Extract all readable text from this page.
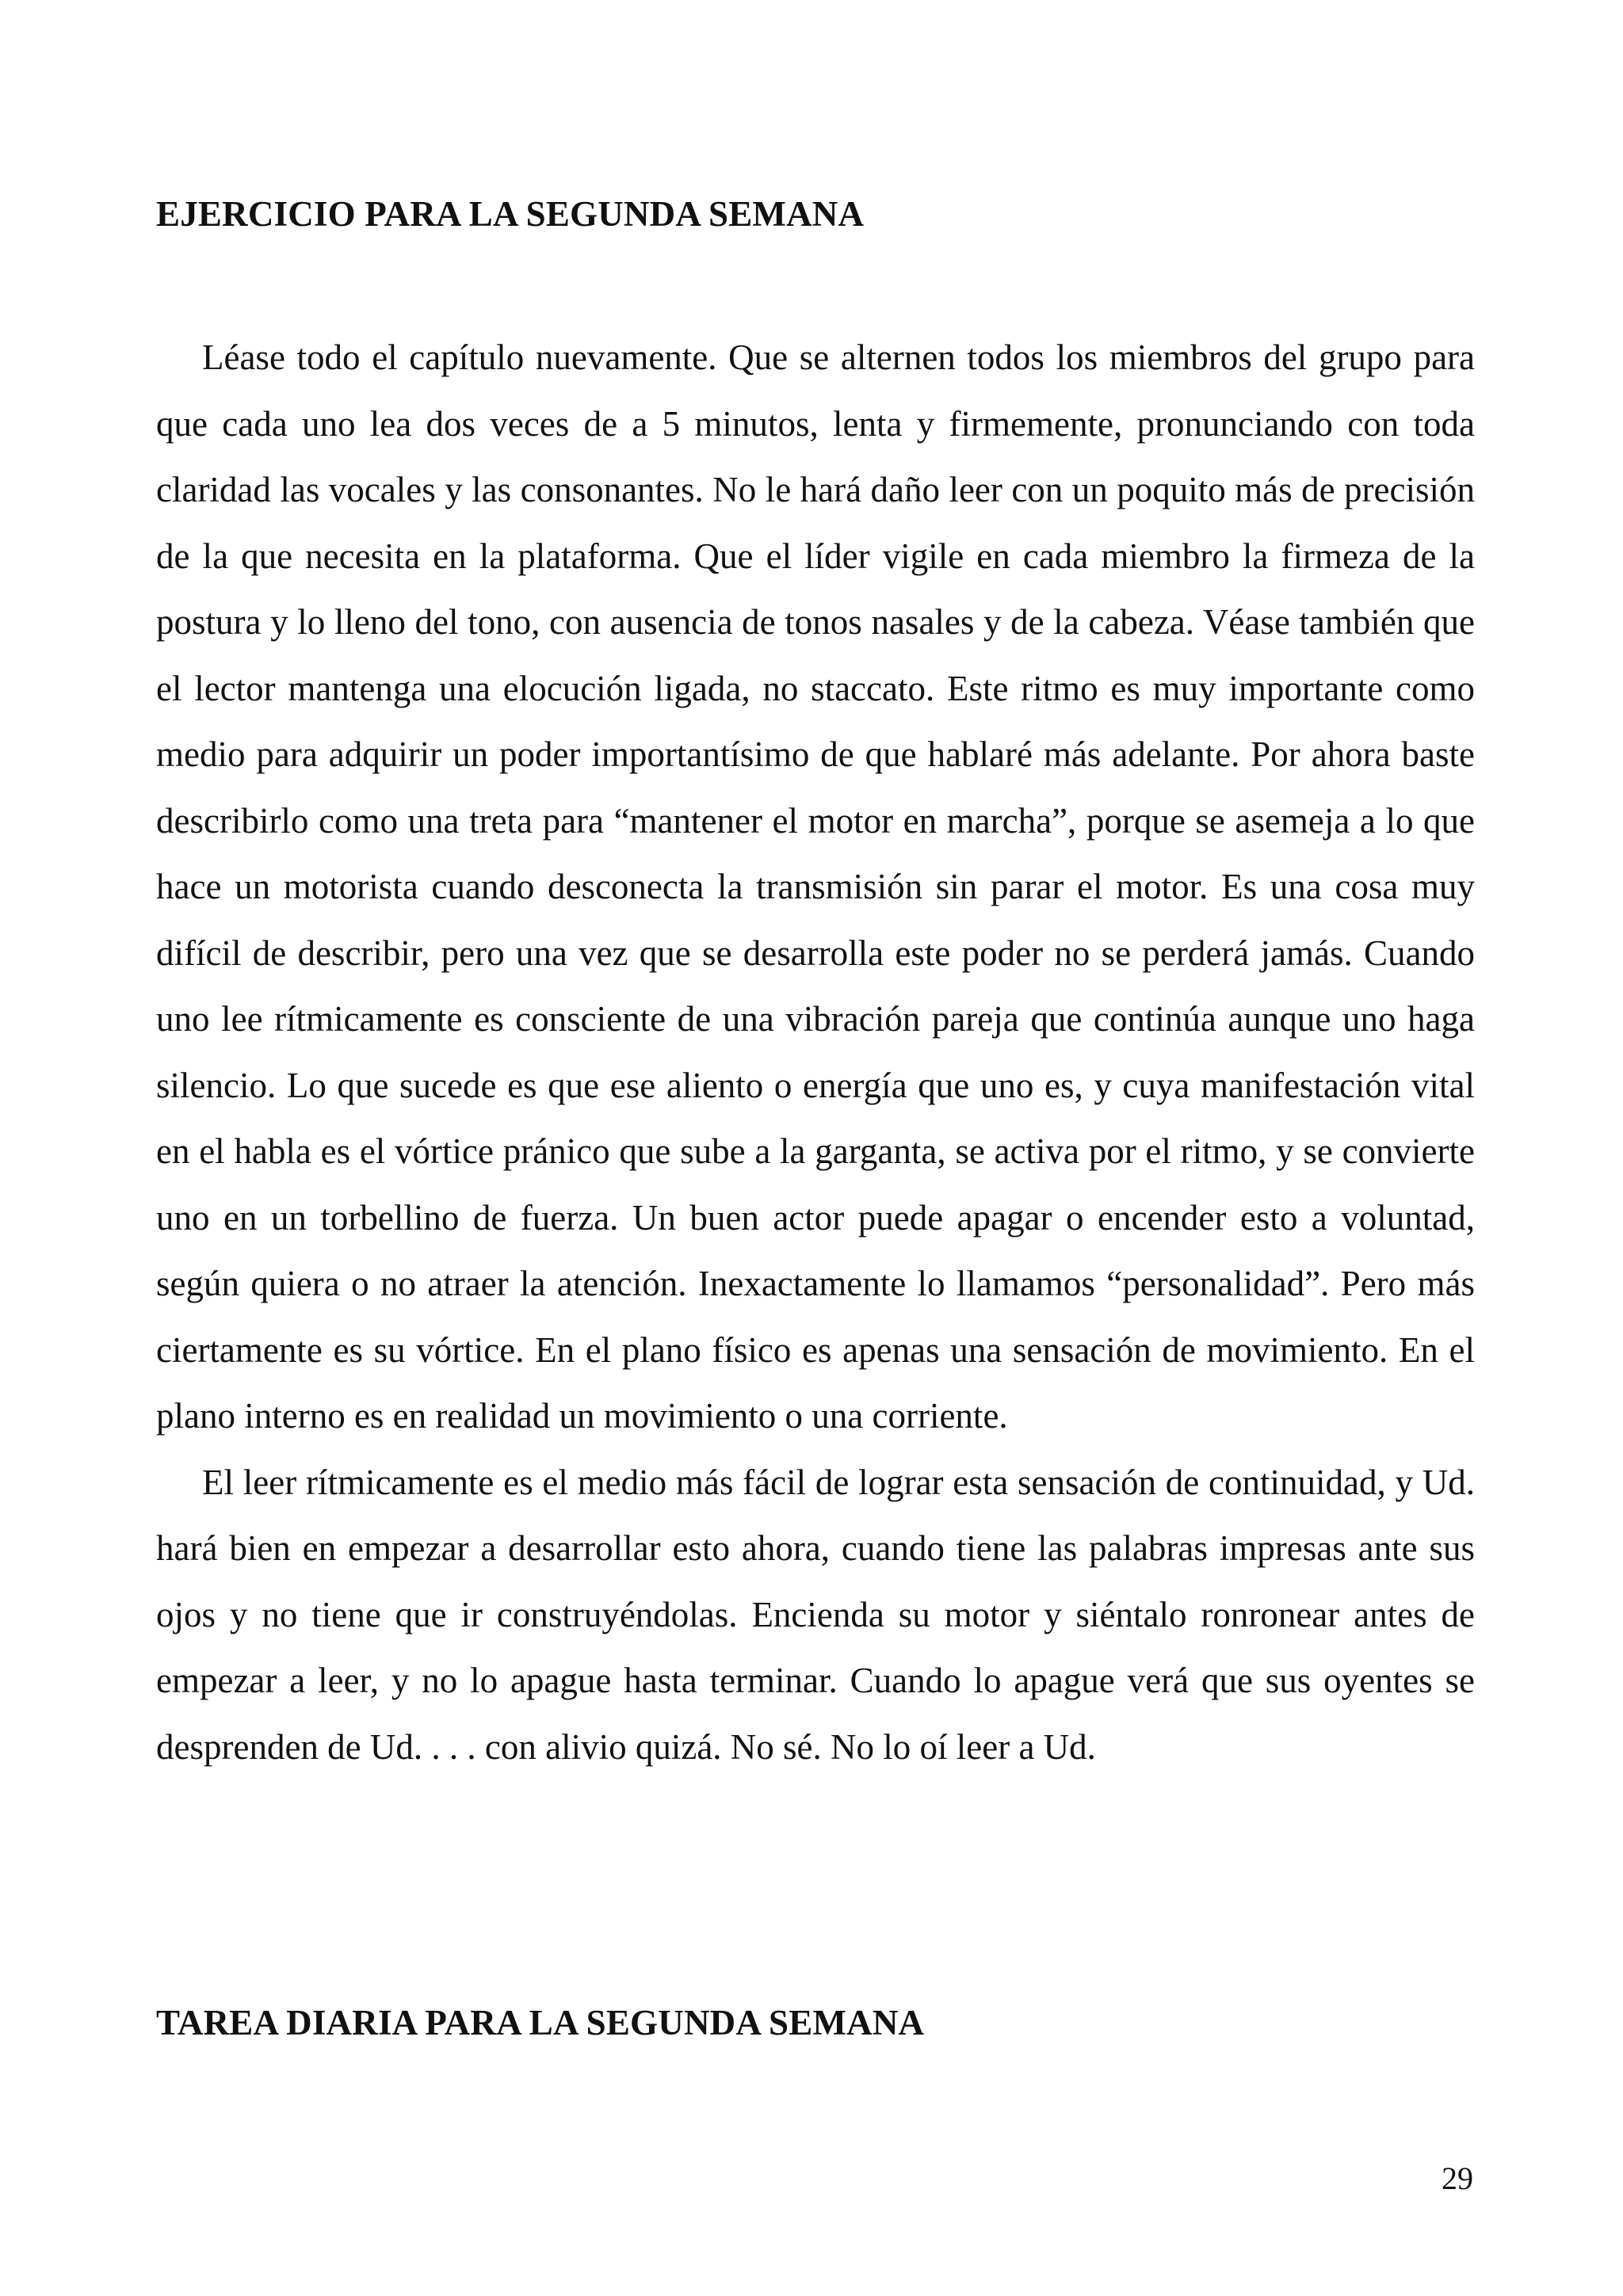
EJERCICIO PARA LA SEGUNDA SEMANA

Léase todo el capítulo nuevamente. Que se alternen todos los miembros del grupo para que cada uno lea dos veces de a 5 minutos, lenta y firmemente, pronunciando con toda claridad las vocales y las consonantes. No le hará daño leer con un poquito más de precisión de la que necesita en la plataforma. Que el líder vigile en cada miembro la firmeza de la postura y lo lleno del tono, con ausencia de tonos nasales y de la cabeza. Véase también que el lector mantenga una elocución ligada, no staccato. Este ritmo es muy importante como medio para adquirir un poder importantísimo de que hablaré más adelante. Por ahora baste describirlo como una treta para “mantener el motor en marcha”, porque se asemeja a lo que hace un motorista cuando desconecta la transmisión sin parar el motor. Es una cosa muy difícil de describir, pero una vez que se desarrolla este poder no se perderá jamás. Cuando uno lee rítmicamente es consciente de una vibración pareja que continúa aunque uno haga silencio. Lo que sucede es que ese aliento o energía que uno es, y cuya manifestación vital en el habla es el vórtice pránico que sube a la garganta, se activa por el ritmo, y se convierte uno en un torbellino de fuerza. Un buen actor puede apagar o encender esto a voluntad, según quiera o no atraer la atención. Inexactamente lo llamamos “personalidad”. Pero más ciertamente es su vórtice. En el plano físico es apenas una sensación de movimiento. En el plano interno es en realidad un movimiento o una corriente.

El leer rítmicamente es el medio más fácil de lograr esta sensación de continuidad, y Ud. hará bien en empezar a desarrollar esto ahora, cuando tiene las palabras impresas ante sus ojos y no tiene que ir construyéndolas. Encienda su motor y siéntalo ronronear antes de empezar a leer, y no lo apague hasta terminar. Cuando lo apague verá que sus oyentes se desprenden de Ud. . . . con alivio quizá. No sé. No lo oí leer a Ud.

TAREA DIARIA PARA LA SEGUNDA SEMANA
29
